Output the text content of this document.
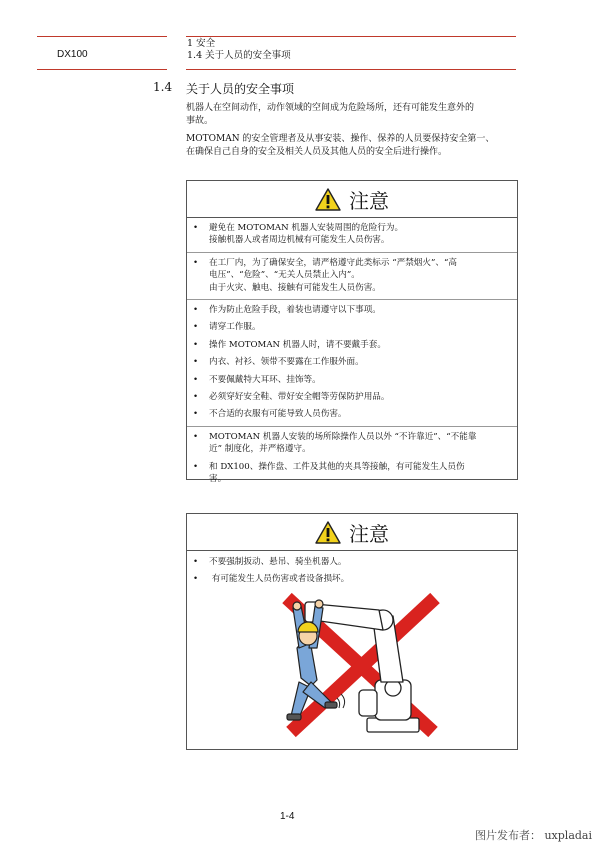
DX100
1 安全
1.4 关于人员的安全事项
1.4 关于人员的安全事项
机器人在空间动作，动作领域的空间成为危险场所，还有可能发生意外的
事故。
MOTOMAN 的安全管理者及从事安装、操作、保养的人员要保持安全第一、
在确保自己自身的安全及相关人员及其他人员的安全后进行操作。
注意
•	避免在 MOTOMAN 机器人安装周围的危险行为。
接触机器人或者周边机械有可能发生人员伤害。
•	在工厂内，为了确保安全，请严格遵守此类标示 “严禁烟火”、“高
电压”、“危险”、“无关人员禁止入内”。
由于火灾、触电、接触有可能发生人员伤害。
•	作为防止危险手段，着装也请遵守以下事项。
•	请穿工作服。
•	操作 MOTOMAN 机器人时，请不要戴手套。
•	内衣、衬衫、领带不要露在工作服外面。
•	不要佩戴特大耳环、挂饰等。
•	必须穿好安全鞋、带好安全帽等劳保防护用品。
•	不合适的衣服有可能导致人员伤害。
•	MOTOMAN 机器人安装的场所除操作人员以外 “不许靠近”、“不能靠
近” 制度化，并严格遵守。
•	和 DX100、操作盘、工件及其他的夹具等接触，有可能发生人员伤
害。
注意
•	不要强制扳动、悬吊、骑坐机器人。
•	有可能发生人员伤害或者设备损坏。
1-4
图片发布者： uxpladai
